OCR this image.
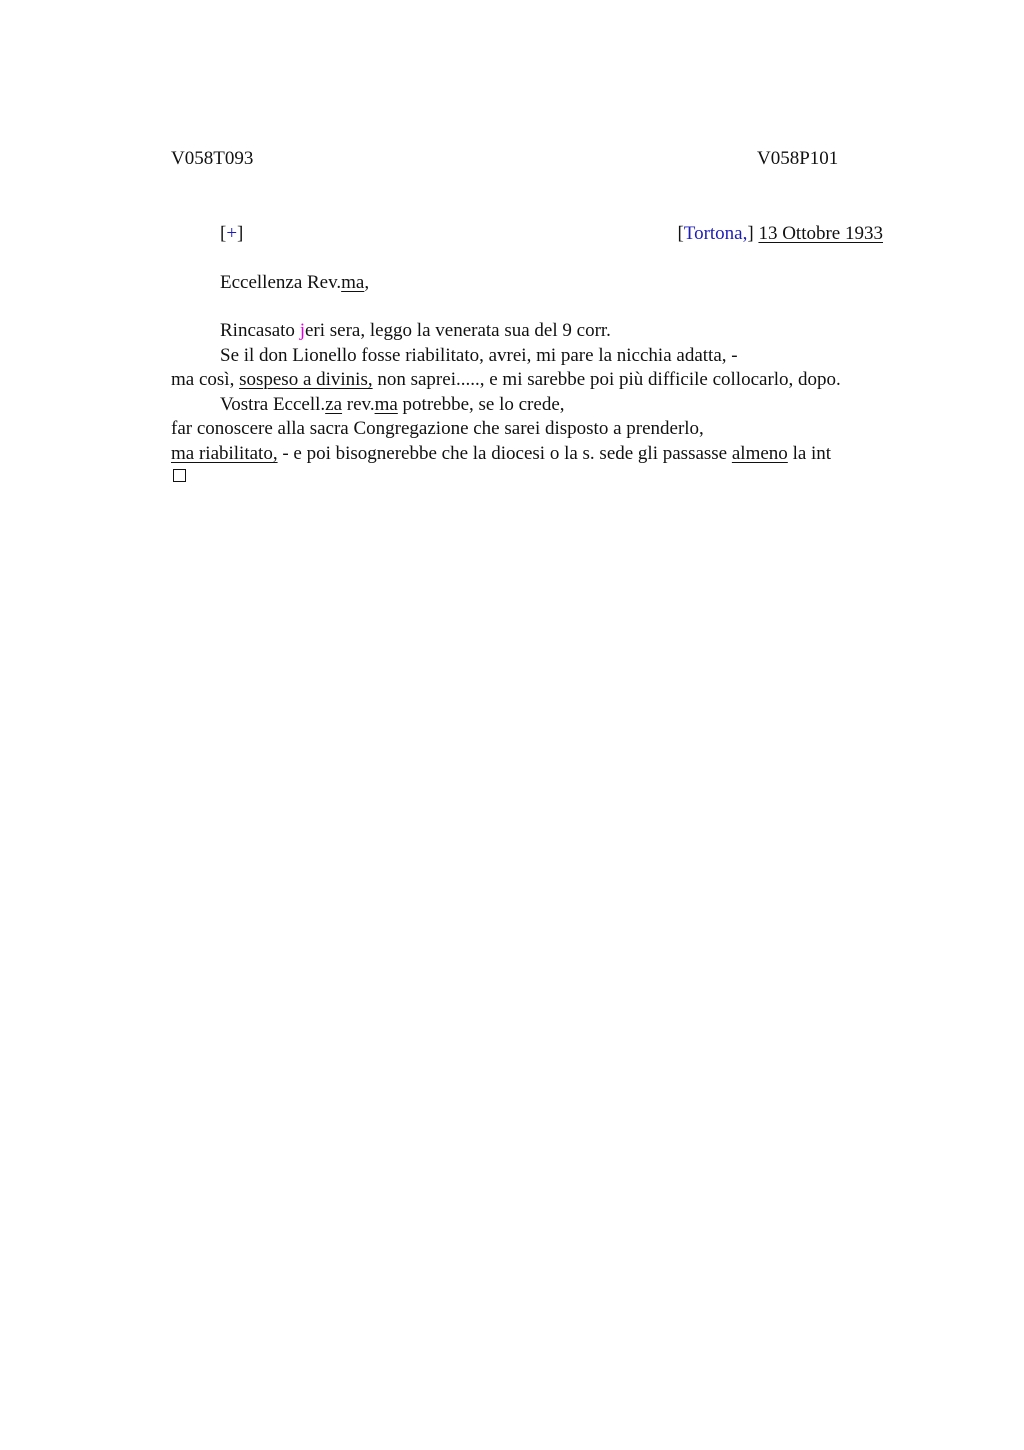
V058T093	V058P101
[+]	[Tortona,] 13 Ottobre 1933
Eccellenza Rev.ma,
Rincasato jeri sera, leggo la venerata sua del 9 corr.
Se il don Lionello fosse riabilitato, avrei, mi pare la nicchia adatta, -
ma così, sospeso a divinis, non saprei....., e mi sarebbe poi più difficile collocarlo, dopo.
Vostra Eccell.za rev.ma potrebbe, se lo crede,
far conoscere alla sacra Congregazione che sarei disposto a prenderlo,
ma riabilitato, - e poi bisognerebbe che la diocesi o la s. sede gli passasse almeno la int
